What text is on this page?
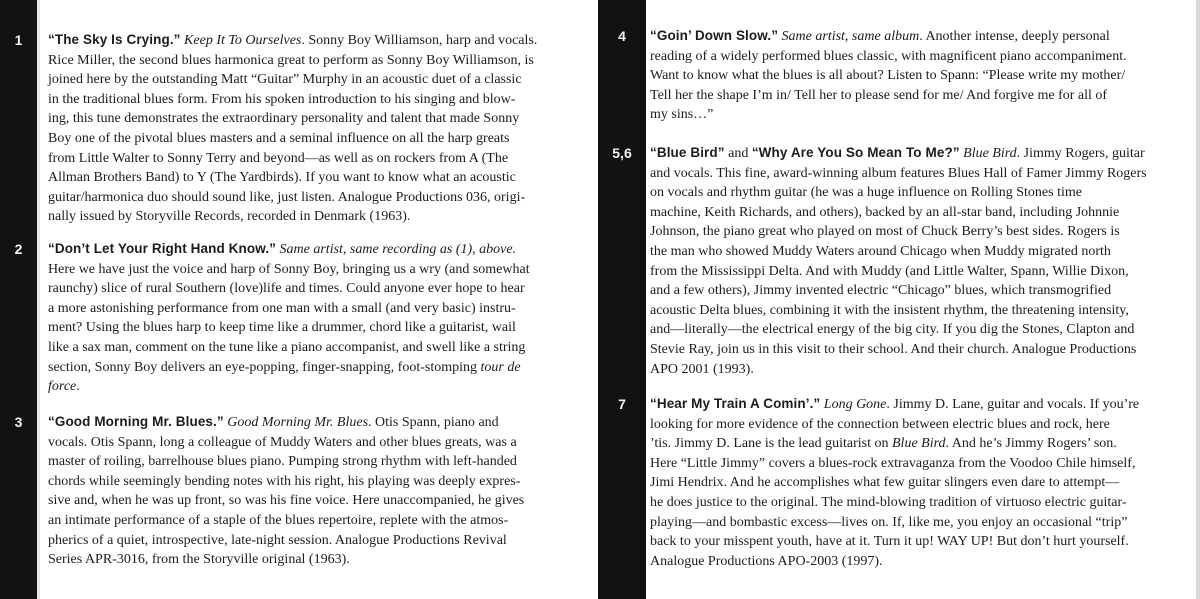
1
2
3
4
5,6
7
“The Sky Is Crying.” Keep It To Ourselves. Sonny Boy Williamson, harp and vocals.
Rice Miller, the second blues harmonica great to perform as Sonny Boy Williamson, is
joined here by the outstanding Matt “Guitar” Murphy in an acoustic duet of a classic
in the traditional blues form. From his spoken introduction to his singing and blow-
ing, this tune demonstrates the extraordinary personality and talent that made Sonny
Boy one of the pivotal blues masters and a seminal influence on all the harp greats
from Little Walter to Sonny Terry and beyond—as well as on rockers from A (The
Allman Brothers Band) to Y (The Yardbirds). If you want to know what an acoustic
guitar/harmonica duo should sound like, just listen. Analogue Productions 036, origi-
nally issued by Storyville Records, recorded in Denmark (1963).
“Don’t Let Your Right Hand Know.” Same artist, same recording as (1), above.
Here we have just the voice and harp of Sonny Boy, bringing us a wry (and somewhat
raunchy) slice of rural Southern (love)life and times. Could anyone ever hope to hear
a more astonishing performance from one man with a small (and very basic) instru-
ment? Using the blues harp to keep time like a drummer, chord like a guitarist, wail
like a sax man, comment on the tune like a piano accompanist, and swell like a string
section, Sonny Boy delivers an eye-popping, finger-snapping, foot-stomping tour de
force.
“Good Morning Mr. Blues.” Good Morning Mr. Blues. Otis Spann, piano and
vocals. Otis Spann, long a colleague of Muddy Waters and other blues greats, was a
master of roiling, barrelhouse blues piano. Pumping strong rhythm with left-handed
chords while seemingly bending notes with his right, his playing was deeply expres-
sive and, when he was up front, so was his fine voice. Here unaccompanied, he gives
an intimate performance of a staple of the blues repertoire, replete with the atmos-
pherics of a quiet, introspective, late-night session. Analogue Productions Revival
Series APR-3016, from the Storyville original (1963).
“Goin’ Down Slow.” Same artist, same album. Another intense, deeply personal
reading of a widely performed blues classic, with magnificent piano accompaniment.
Want to know what the blues is all about? Listen to Spann: “Please write my mother/
Tell her the shape I’m in/ Tell her to please send for me/ And forgive me for all of
my sins…”
“Blue Bird” and “Why Are You So Mean To Me?” Blue Bird. Jimmy Rogers, guitar
and vocals. This fine, award-winning album features Blues Hall of Famer Jimmy Rogers
on vocals and rhythm guitar (he was a huge influence on Rolling Stones time
machine, Keith Richards, and others), backed by an all-star band, including Johnnie
Johnson, the piano great who played on most of Chuck Berry’s best sides. Rogers is
the man who showed Muddy Waters around Chicago when Muddy migrated north
from the Mississippi Delta. And with Muddy (and Little Walter, Spann, Willie Dixon,
and a few others), Jimmy invented electric “Chicago” blues, which transmogrified
acoustic Delta blues, combining it with the insistent rhythm, the threatening intensity,
and—literally—the electrical energy of the big city. If you dig the Stones, Clapton and
Stevie Ray, join us in this visit to their school. And their church. Analogue Productions
APO 2001 (1993).
“Hear My Train A Comin’.” Long Gone. Jimmy D. Lane, guitar and vocals. If you’re
looking for more evidence of the connection between electric blues and rock, here
’tis. Jimmy D. Lane is the lead guitarist on Blue Bird. And he’s Jimmy Rogers’ son.
Here “Little Jimmy” covers a blues-rock extravaganza from the Voodoo Chile himself,
Jimi Hendrix. And he accomplishes what few guitar slingers even dare to attempt—
he does justice to the original. The mind-blowing tradition of virtuoso electric guitar-
playing—and bombastic excess—lives on. If, like me, you enjoy an occasional “trip”
back to your misspent youth, have at it. Turn it up! WAY UP! But don’t hurt yourself.
Analogue Productions APO-2003 (1997).
